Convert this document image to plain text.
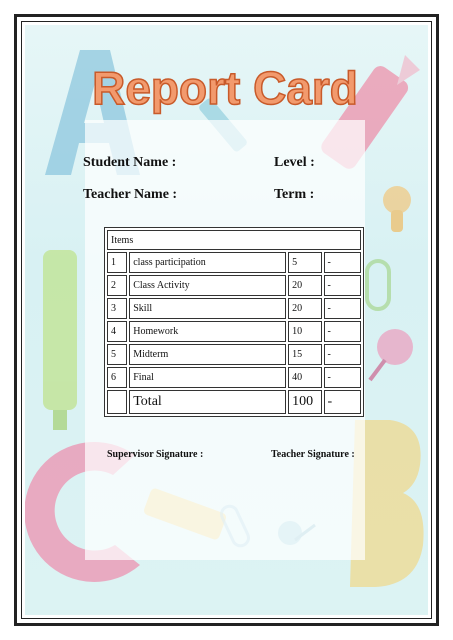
Report Card
Student Name :	Level :
Teacher Name :	Term :
Items			
1	class participation	5	-
2	Class Activity	20	-
3	Skill	20	-
4	Homework	10	-
5	Midterm	15	-
6	Final	40	-
	Total	100	-
Supervisor Signature :	Teacher Signature :
